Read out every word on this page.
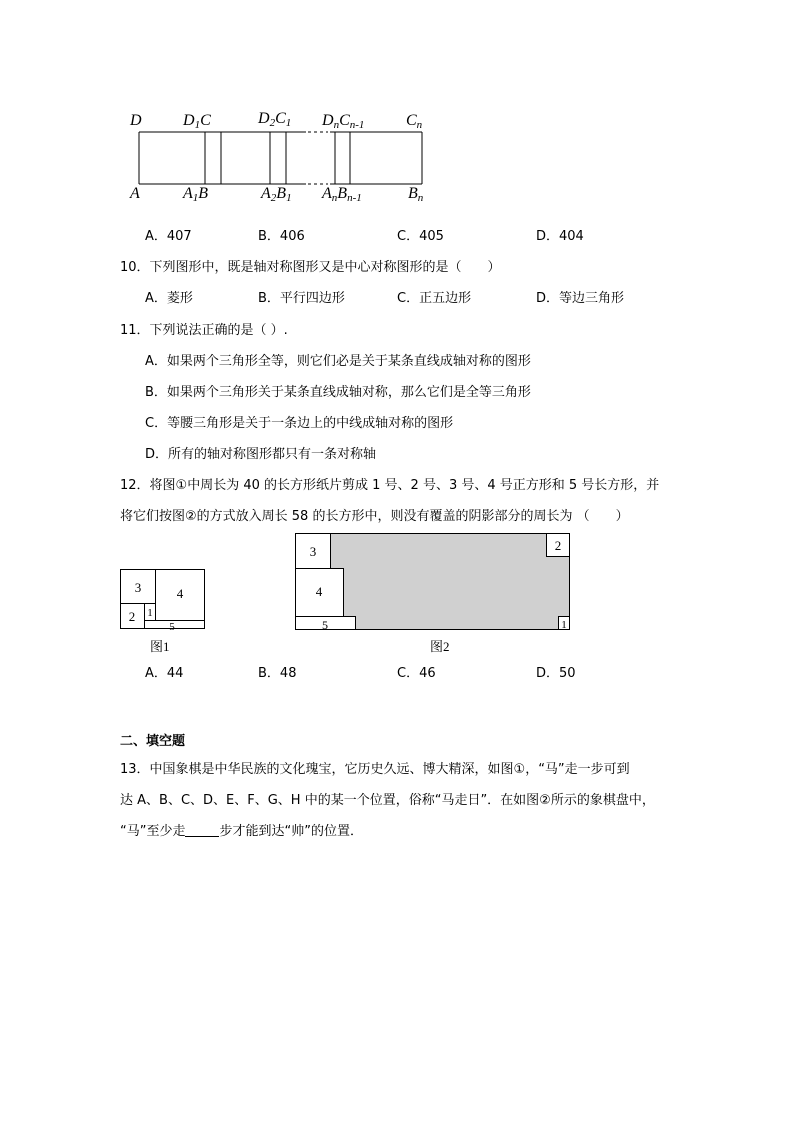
D	$D_1C$	$D_2C_1$ $D_nC_{n-1}$	$C_n$
A	$A_1B$	$A_2B_1$ $A_nB_{n-1}$	$B_n$
A．407	B．406	C．405	D．404
10．下列图形中，既是轴对称图形又是中心对称图形的是（　　）
A．菱形	B．平行四边形	C．正五边形	D．等边三角形
11．下列说法正确的是（ ）.
A．如果两个三角形全等，则它们必是关于某条直线成轴对称的图形
B．如果两个三角形关于某条直线成轴对称，那么它们是全等三角形
C．等腰三角形是关于一条边上的中线成轴对称的图形
D．所有的轴对称图形都只有一条对称轴
12．将图①中周长为 40 的长方形纸片剪成 1 号、2 号、3 号、4 号正方形和 5 号长方形，并
将它们按图②的方式放入周长 58 的长方形中，则没有覆盖的阴影部分的周长为 （　　）
3	4
2 1
5
图1
3	2
4
5	1
图2
A．44	B．48	C．46	D．50
二、填空题
13．中国象棋是中华民族的文化瑰宝，它历史久远、博大精深，如图①，“马”走一步可到
达 A、B、C、D、E、F、G、H 中的某一个位置，俗称“马走日”．在如图②所示的象棋盘中，
“马”至少走	步才能到达“帅”的位置．
